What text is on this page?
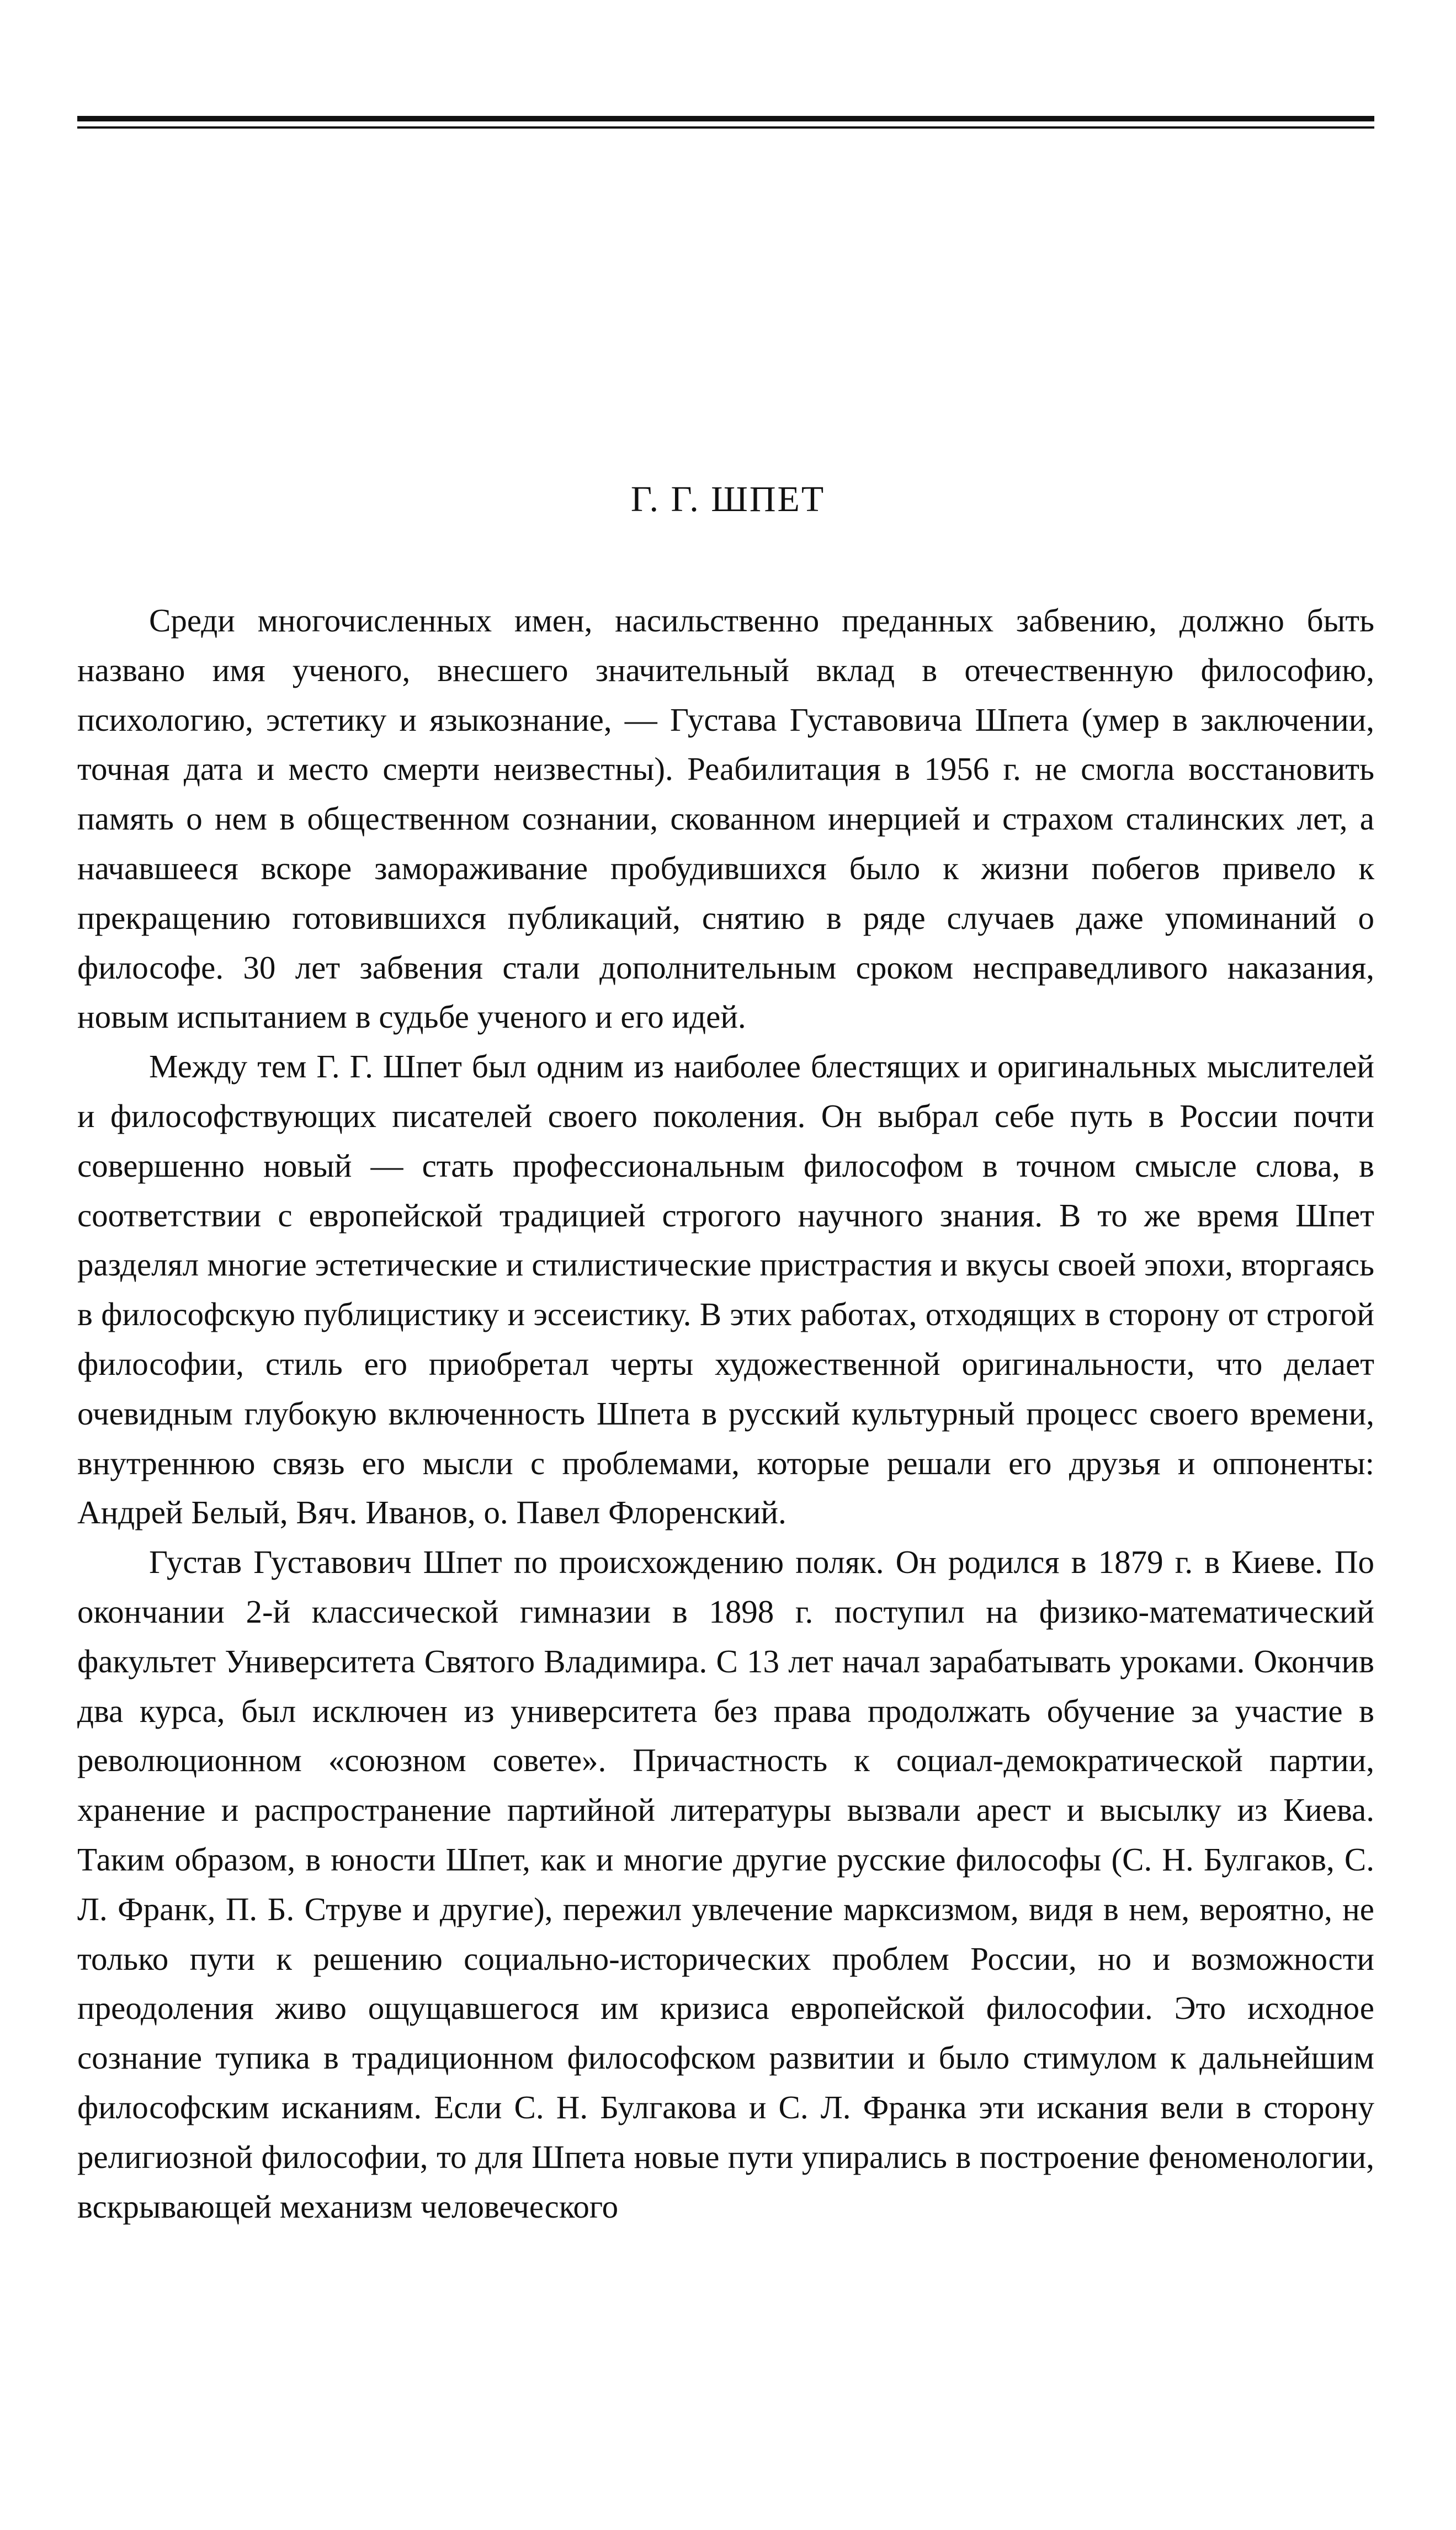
Г. Г. ШПЕТ

Среди многочисленных имен, насильственно преданных забвению, должно быть названо имя ученого, внесшего значительный вклад в отечественную философию, психологию, эстетику и языкознание, — Густава Густавовича Шпета (умер в заключении, точная дата и место смерти неизвестны). Реабилитация в 1956 г. не смогла восстановить память о нем в общественном сознании, скованном инерцией и страхом сталинских лет, а начавшееся вскоре замораживание пробудившихся было к жизни побегов привело к прекращению готовившихся публикаций, снятию в ряде случаев даже упоминаний о философе. 30 лет забвения стали дополнительным сроком несправедливого наказания, новым испытанием в судьбе ученого и его идей.

Между тем Г. Г. Шпет был одним из наиболее блестящих и оригинальных мыслителей и философствующих писателей своего поколения. Он выбрал себе путь в России почти совершенно новый — стать профессиональным философом в точном смысле слова, в соответствии с европейской традицией строгого научного знания. В то же время Шпет разделял многие эстетические и стилистические пристрастия и вкусы своей эпохи, вторгаясь в философскую публицистику и эссеистику. В этих работах, отходящих в сторону от строгой философии, стиль его приобретал черты художественной оригинальности, что делает очевидным глубокую включенность Шпета в русский культурный процесс своего времени, внутреннюю связь его мысли с проблемами, которые решали его друзья и оппоненты: Андрей Белый, Вяч. Иванов, о. Павел Флоренский.

Густав Густавович Шпет по происхождению поляк. Он родился в 1879 г. в Киеве. По окончании 2-й классической гимназии в 1898 г. поступил на физико-математический факультет Университета Святого Владимира. С 13 лет начал зарабатывать уроками. Окончив два курса, был исключен из университета без права продолжать обучение за участие в революционном «союзном совете». Причастность к социал-демократической партии, хранение и распространение партийной литературы вызвали арест и высылку из Киева. Таким образом, в юности Шпет, как и многие другие русские философы (С. Н. Булгаков, С. Л. Франк, П. Б. Струве и другие), пережил увлечение марксизмом, видя в нем, вероятно, не только пути к решению социально-исторических проблем России, но и возможности преодоления живо ощущавшегося им кризиса европейской философии. Это исходное сознание тупика в традиционном философском развитии и было стимулом к дальнейшим философским исканиям. Если С. Н. Булгакова и С. Л. Франка эти искания вели в сторону религиозной философии, то для Шпета новые пути упирались в построение феноменологии, вскрывающей механизм человеческого
